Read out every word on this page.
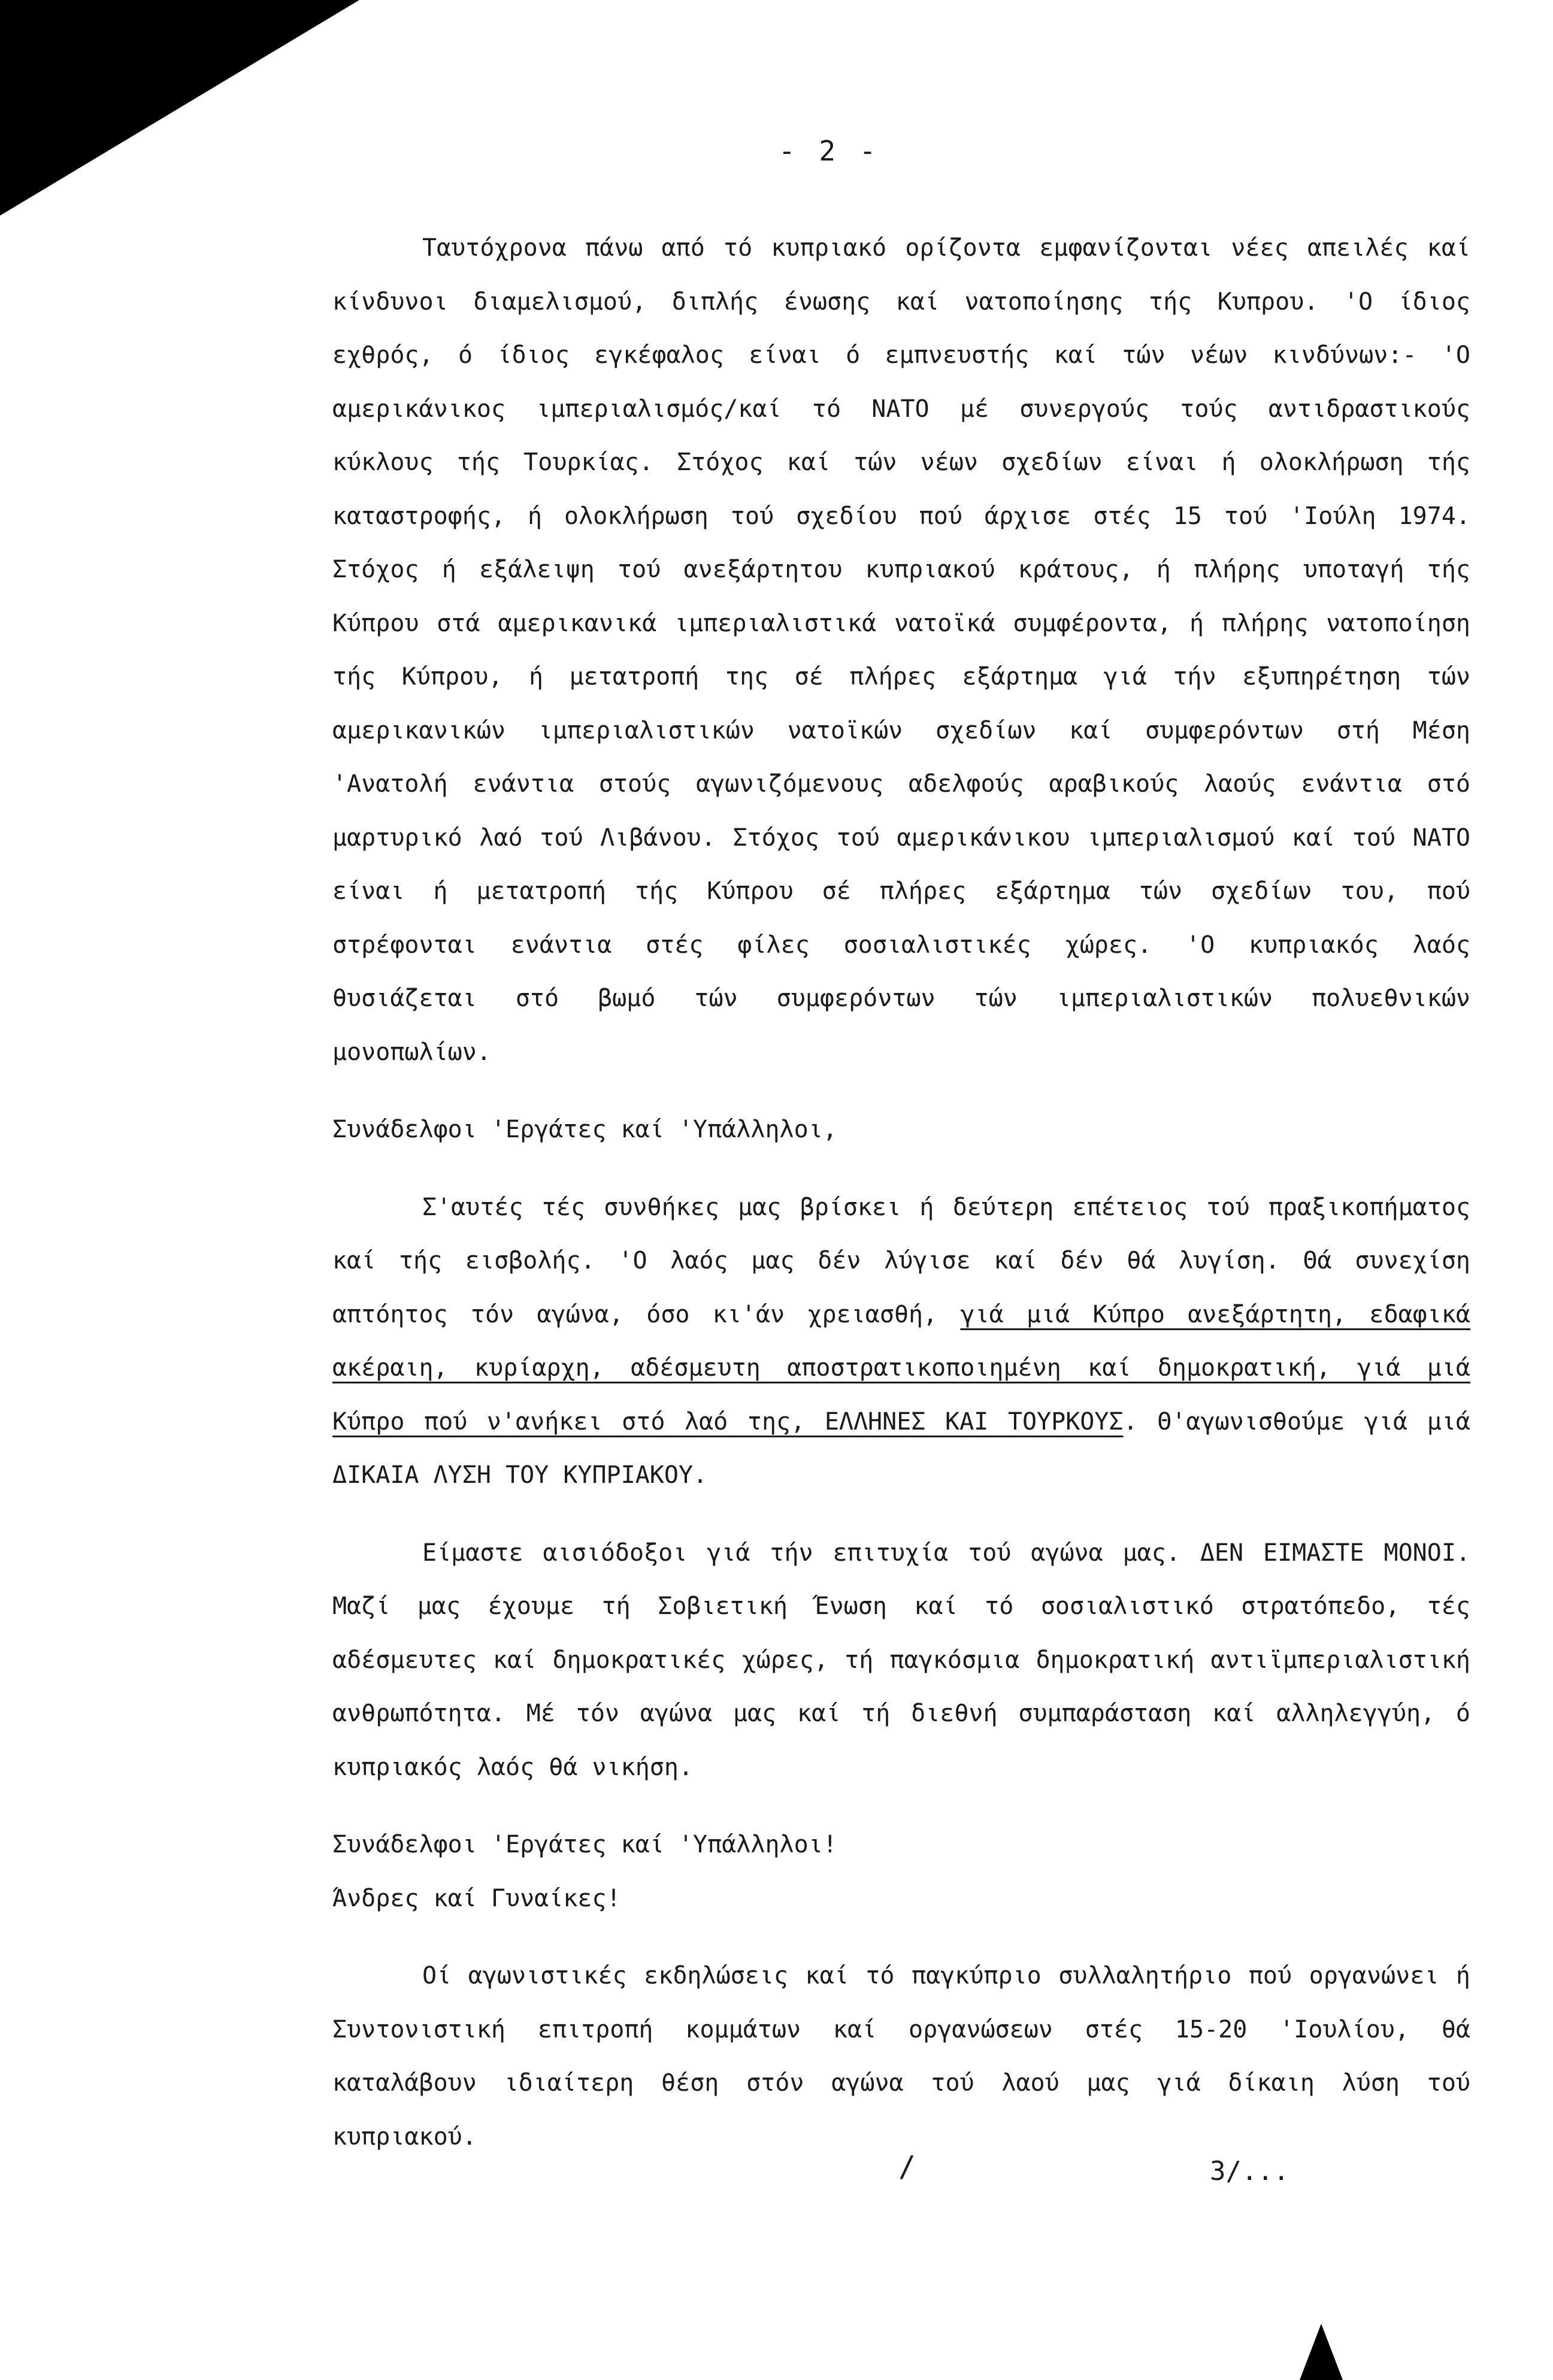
- 2 -

Ταυτόχρονα πάνω από τό κυπριακό ορίζοντα εμφανίζονται νέες απειλές καί κίνδυνοι διαμελισμού, διπλής ένωσης καί νατοποίησης τής Κυπρου. 'Ο ίδιος εχθρός, ό ίδιος εγκέφαλος είναι ό εμπνευστής καί τών νέων κινδύνων:- 'Ο αμερικάνικος ιμπεριαλισμός/καί τό ΝΑΤΟ μέ συνεργούς τούς αντιδραστικούς κύκλους τής Τουρκίας. Στόχος καί τών νέων σχεδίων είναι ή ολοκλήρωση τής καταστροφής, ή ολοκλήρωση τού σχεδίου πού άρχισε στές 15 τού 'Ιούλη 1974. Στόχος ή εξάλειψη τού ανεξάρτητου κυπριακού κράτους, ή πλήρης υποταγή τής Κύπρου στά αμερικανικά ιμπεριαλιστικά νατοϊκά συμφέροντα, ή πλήρης νατοποίηση τής Κύπρου, ή μετατροπή της σέ πλήρες εξάρτημα γιά τήν εξυπηρέτηση τών αμερικανικών ιμπεριαλιστικών νατοϊκών σχεδίων καί συμφερόντων στή Μέση 'Ανατολή ενάντια στούς αγωνιζόμενους αδελφούς αραβικούς λαούς ενάντια στό μαρτυρικό λαό τού Λιβάνου. Στόχος τού αμερικάνικου ιμπεριαλισμού καί τού ΝΑΤΟ είναι ή μετατροπή τής Κύπρου σέ πλήρες εξάρτημα τών σχεδίων του, πού στρέφονται ενάντια στές φίλες σοσιαλιστικές χώρες. 'Ο κυπριακός λαός θυσιάζεται στό βωμό τών συμφερόντων τών ιμπεριαλιστικών πολυεθνικών μονοπωλίων.

Συνάδελφοι 'Εργάτες καί 'Υπάλληλοι,

Σ'αυτές τές συνθήκες μας βρίσκει ή δεύτερη επέτειος τού πραξικοπήματος καί τής εισβολής. 'Ο λαός μας δέν λύγισε καί δέν θά λυγίση. Θά συνεχίση απτόητος τόν αγώνα, όσο κι'άν χρειασθή, γιά μιά Κύπρο ανεξάρτητη, εδαφικά ακέραιη, κυρίαρχη, αδέσμευτη αποστρατικοποιημένη καί δημοκρατική, γιά μιά Κύπρο πού ν'ανήκει στό λαό της, ΕΛΛΗΝΕΣ ΚΑΙ ΤΟΥΡΚΟΥΣ. Θ'αγωνισθούμε γιά μιά ΔΙΚΑΙΑ ΛΥΣΗ ΤΟΥ ΚΥΠΡΙΑΚΟΥ.

Είμαστε αισιόδοξοι γιά τήν επιτυχία τού αγώνα μας. ΔΕΝ ΕΙΜΑΣΤΕ ΜΟΝΟΙ. Μαζί μας έχουμε τή Σοβιετική Ένωση καί τό σοσιαλιστικό στρατόπεδο, τές αδέσμευτες καί δημοκρατικές χώρες, τή παγκόσμια δημοκρατική αντιϊμπεριαλιστική ανθρωπότητα. Μέ τόν αγώνα μας καί τή διεθνή συμπαράσταση καί αλληλεγγύη, ό κυπριακός λαός θά νικήση.

Συνάδελφοι 'Εργάτες καί 'Υπάλληλοι!

Άνδρες καί Γυναίκες!

Οί αγωνιστικές εκδηλώσεις καί τό παγκύπριο συλλαλητήριο πού οργανώνει ή Συντονιστική επιτροπή κομμάτων καί οργανώσεων στές 15-20 'Ιουλίου, θά καταλάβουν ιδιαίτερη θέση στόν αγώνα τού λαού μας γιά δίκαιη λύση τού κυπριακού.

/	3/...
